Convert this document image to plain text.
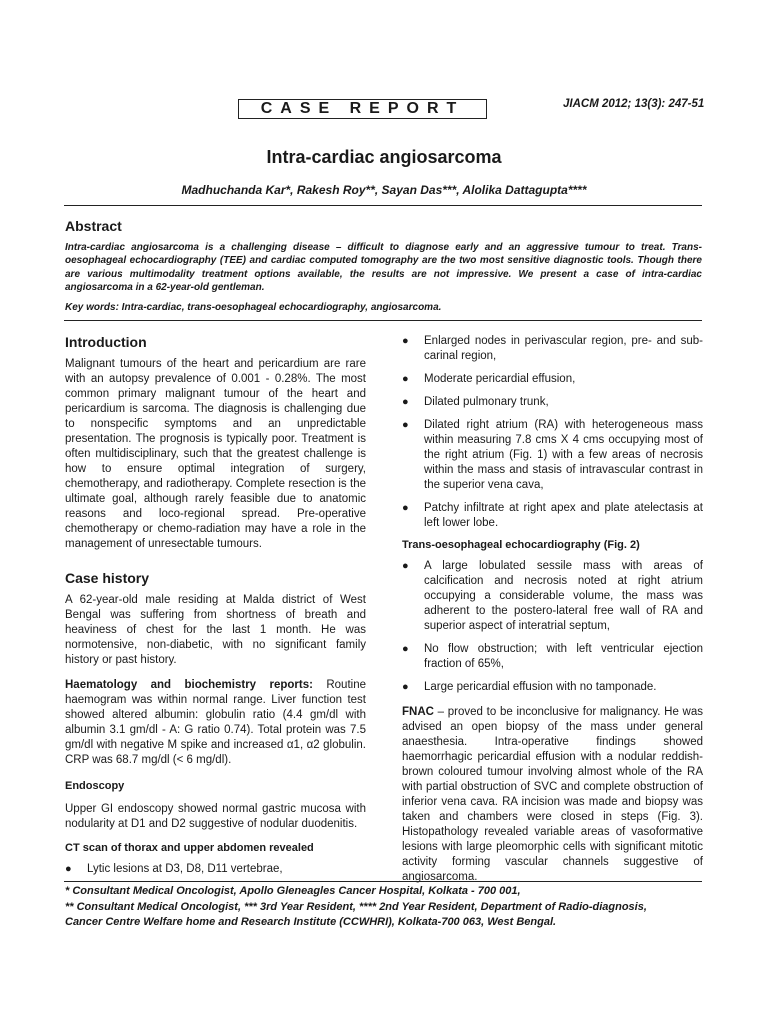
CASE REPORT	JIACM 2012; 13(3): 247-51
Intra-cardiac angiosarcoma
Madhuchanda Kar*, Rakesh Roy**, Sayan Das***, Alolika Dattagupta****
Abstract

Intra-cardiac angiosarcoma is a challenging disease – difficult to diagnose early and an aggressive tumour to treat. Trans-oesophageal echocardiography (TEE) and cardiac computed tomography are the two most sensitive diagnostic tools. Though there are various multimodality treatment options available, the results are not impressive. We present a case of intra-cardiac angiosarcoma in a 62-year-old gentleman.

Key words: Intra-cardiac, trans-oesophageal echocardiography, angiosarcoma.

Introduction

Malignant tumours of the heart and pericardium are rare with an autopsy prevalence of 0.001 - 0.28%. The most common primary malignant tumour of the heart and pericardium is sarcoma. The diagnosis is challenging due to nonspecific symptoms and an unpredictable presentation. The prognosis is typically poor. Treatment is often multidisciplinary, such that the greatest challenge is how to ensure optimal integration of surgery, chemotherapy, and radiotherapy. Complete resection is the ultimate goal, although rarely feasible due to anatomic reasons and loco-regional spread. Pre-operative chemotherapy or chemo-radiation may have a role in the management of unresectable tumours.

Case history

A 62-year-old male residing at Malda district of West Bengal was suffering from shortness of breath and heaviness of chest for the last 1 month. He was normotensive, non-diabetic, with no significant family history or past history.

Haematology and biochemistry reports: Routine haemogram was within normal range. Liver function test showed altered albumin: globulin ratio (4.4 gm/dl with albumin 3.1 gm/dl - A: G ratio 0.74). Total protein was 7.5 gm/dl with negative M spike and increased α1, α2 globulin. CRP was 68.7 mg/dl (< 6 mg/dl).

Endoscopy

Upper GI endoscopy showed normal gastric mucosa with nodularity at D1 and D2 suggestive of nodular duodenitis.

CT scan of thorax and upper abdomen revealed
● Lytic lesions at D3, D8, D11 vertebrae,
● Enlarged nodes in perivascular region, pre- and sub-carinal region,
● Moderate pericardial effusion,
● Dilated pulmonary trunk,
● Dilated right atrium (RA) with heterogeneous mass within measuring 7.8 cms X 4 cms occupying most of the right atrium (Fig. 1) with a few areas of necrosis within the mass and stasis of intravascular contrast in the superior vena cava,
● Patchy infiltrate at right apex and plate atelectasis at left lower lobe.
Trans-oesophageal echocardiography (Fig. 2)
● A large lobulated sessile mass with areas of calcification and necrosis noted at right atrium occupying a considerable volume, the mass was adherent to the postero-lateral free wall of RA and superior aspect of interatrial septum,
● No flow obstruction; with left ventricular ejection fraction of 65%,
● Large pericardial effusion with no tamponade.

FNAC – proved to be inconclusive for malignancy. He was advised an open biopsy of the mass under general anaesthesia. Intra-operative findings showed haemorrhagic pericardial effusion with a nodular reddish-brown coloured tumour involving almost whole of the RA with partial obstruction of SVC and complete obstruction of inferior vena cava. RA incision was made and biopsy was taken and chambers were closed in steps (Fig. 3). Histopathology revealed variable areas of vasoformative lesions with large pleomorphic cells with significant mitotic activity forming vascular channels suggestive of angiosarcoma.

* Consultant Medical Oncologist, Apollo Gleneagles Cancer Hospital, Kolkata - 700 001,
** Consultant Medical Oncologist, *** 3rd Year Resident, **** 2nd Year Resident, Department of Radio-diagnosis,
Cancer Centre Welfare home and Research Institute (CCWHRI), Kolkata-700 063, West Bengal.
